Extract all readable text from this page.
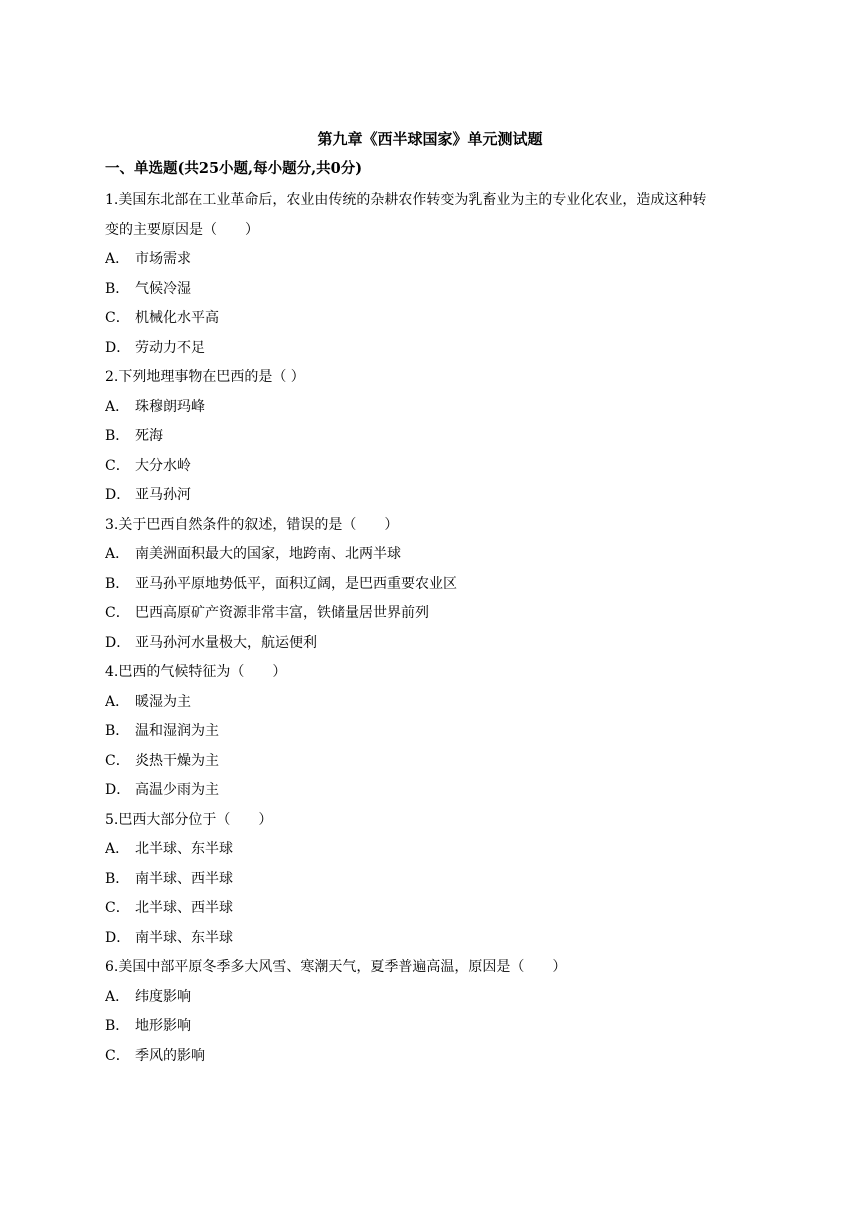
第九章《西半球国家》单元测试题
一、单选题(共25小题,每小题分,共0分)
1.美国东北部在工业革命后，农业由传统的杂耕农作转变为乳畜业为主的专业化农业，造成这种转
变的主要原因是（　　）
A． 市场需求
B． 气候冷湿
C． 机械化水平高
D． 劳动力不足
2.下列地理事物在巴西的是（ ）
A． 珠穆朗玛峰
B． 死海
C． 大分水岭
D． 亚马孙河
3.关于巴西自然条件的叙述，错误的是（　　）
A． 南美洲面积最大的国家，地跨南、北两半球
B． 亚马孙平原地势低平，面积辽阔，是巴西重要农业区
C． 巴西高原矿产资源非常丰富，铁储量居世界前列
D． 亚马孙河水量极大，航运便利
4.巴西的气候特征为（　　）
A． 暖湿为主
B． 温和湿润为主
C． 炎热干燥为主
D． 高温少雨为主
5.巴西大部分位于（　　）
A． 北半球、东半球
B． 南半球、西半球
C． 北半球、西半球
D． 南半球、东半球
6.美国中部平原冬季多大风雪、寒潮天气，夏季普遍高温，原因是（　　）
A． 纬度影响
B． 地形影响
C． 季风的影响
